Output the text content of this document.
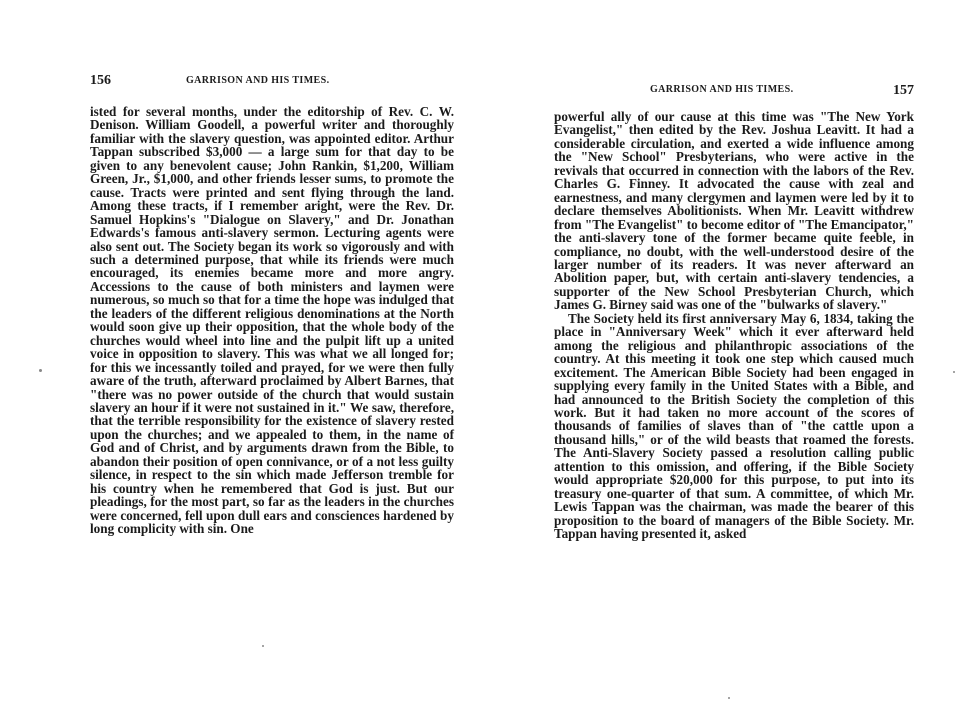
156	GARRISON AND HIS TIMES.

isted for several months, under the editorship of Rev. C. W. Denison. William Goodell, a powerful writer and thoroughly familiar with the slavery question, was appointed editor. Arthur Tappan subscribed $3,000 — a large sum for that day to be given to any benevolent cause; John Rankin, $1,200, William Green, Jr., $1,000, and other friends lesser sums, to promote the cause. Tracts were printed and sent flying through the land. Among these tracts, if I remember aright, were the Rev. Dr. Samuel Hopkins's "Dialogue on Slavery," and Dr. Jonathan Edwards's famous anti-slavery sermon. Lecturing agents were also sent out. The Society began its work so vigorously and with such a determined purpose, that while its friends were much encouraged, its enemies became more and more angry. Accessions to the cause of both ministers and laymen were numerous, so much so that for a time the hope was indulged that the leaders of the different religious denominations at the North would soon give up their opposition, that the whole body of the churches would wheel into line and the pulpit lift up a united voice in opposition to slavery. This was what we all longed for; for this we incessantly toiled and prayed, for we were then fully aware of the truth, afterward proclaimed by Albert Barnes, that "there was no power outside of the church that would sustain slavery an hour if it were not sustained in it." We saw, therefore, that the terrible responsibility for the existence of slavery rested upon the churches; and we appealed to them, in the name of God and of Christ, and by arguments drawn from the Bible, to abandon their position of open connivance, or of a not less guilty silence, in respect to the sin which made Jefferson tremble for his country when he remembered that God is just. But our pleadings, for the most part, so far as the leaders in the churches were concerned, fell upon dull ears and consciences hardened by long complicity with sin. One

GARRISON AND HIS TIMES.	157

powerful ally of our cause at this time was "The New York Evangelist," then edited by the Rev. Joshua Leavitt. It had a considerable circulation, and exerted a wide influence among the "New School" Presbyterians, who were active in the revivals that occurred in connection with the labors of the Rev. Charles G. Finney. It advocated the cause with zeal and earnestness, and many clergymen and laymen were led by it to declare themselves Abolitionists. When Mr. Leavitt withdrew from "The Evangelist" to become editor of "The Emancipator," the anti-slavery tone of the former became quite feeble, in compliance, no doubt, with the well-understood desire of the larger number of its readers. It was never afterward an Abolition paper, but, with certain anti-slavery tendencies, a supporter of the New School Presbyterian Church, which James G. Birney said was one of the "bulwarks of slavery."

The Society held its first anniversary May 6, 1834, taking the place in "Anniversary Week" which it ever afterward held among the religious and philanthropic associations of the country. At this meeting it took one step which caused much excitement. The American Bible Society had been engaged in supplying every family in the United States with a Bible, and had announced to the British Society the completion of this work. But it had taken no more account of the scores of thousands of families of slaves than of "the cattle upon a thousand hills," or of the wild beasts that roamed the forests. The Anti-Slavery Society passed a resolution calling public attention to this omission, and offering, if the Bible Society would appropriate $20,000 for this purpose, to put into its treasury one-quarter of that sum. A committee, of which Mr. Lewis Tappan was the chairman, was made the bearer of this proposition to the board of managers of the Bible Society. Mr. Tappan having presented it, asked
